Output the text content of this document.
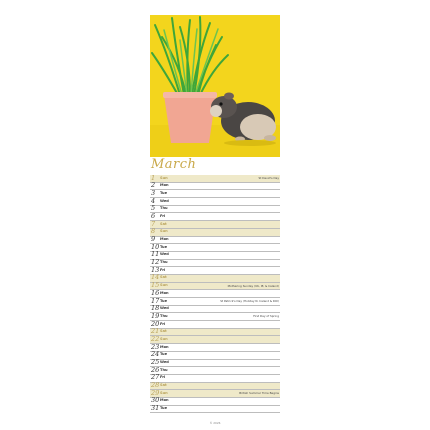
March
1 Sun	St David's Day
2 Mon
3 Tue
4 Wed
5 Thu
6 Fri
7 Sat
8 Sun
9 Mon
10 Tue
11 Wed
12 Thu
13 Fri
14 Sat
15 Sun	Mothering Sunday (UK, IE, & Ireland)
16 Mon
17 Tue	St Patrick's Day (Holiday N. Ireland & ROI)
18 Wed
19 Thu	First Day of Spring
20 Fri
21 Sat
22 Sun
23 Mon
24 Tue
25 Wed
26 Thu
27 Fri
28 Sat
29 Sun	British Summer Time Begins
30 Mon
31 Tue
© 2026
